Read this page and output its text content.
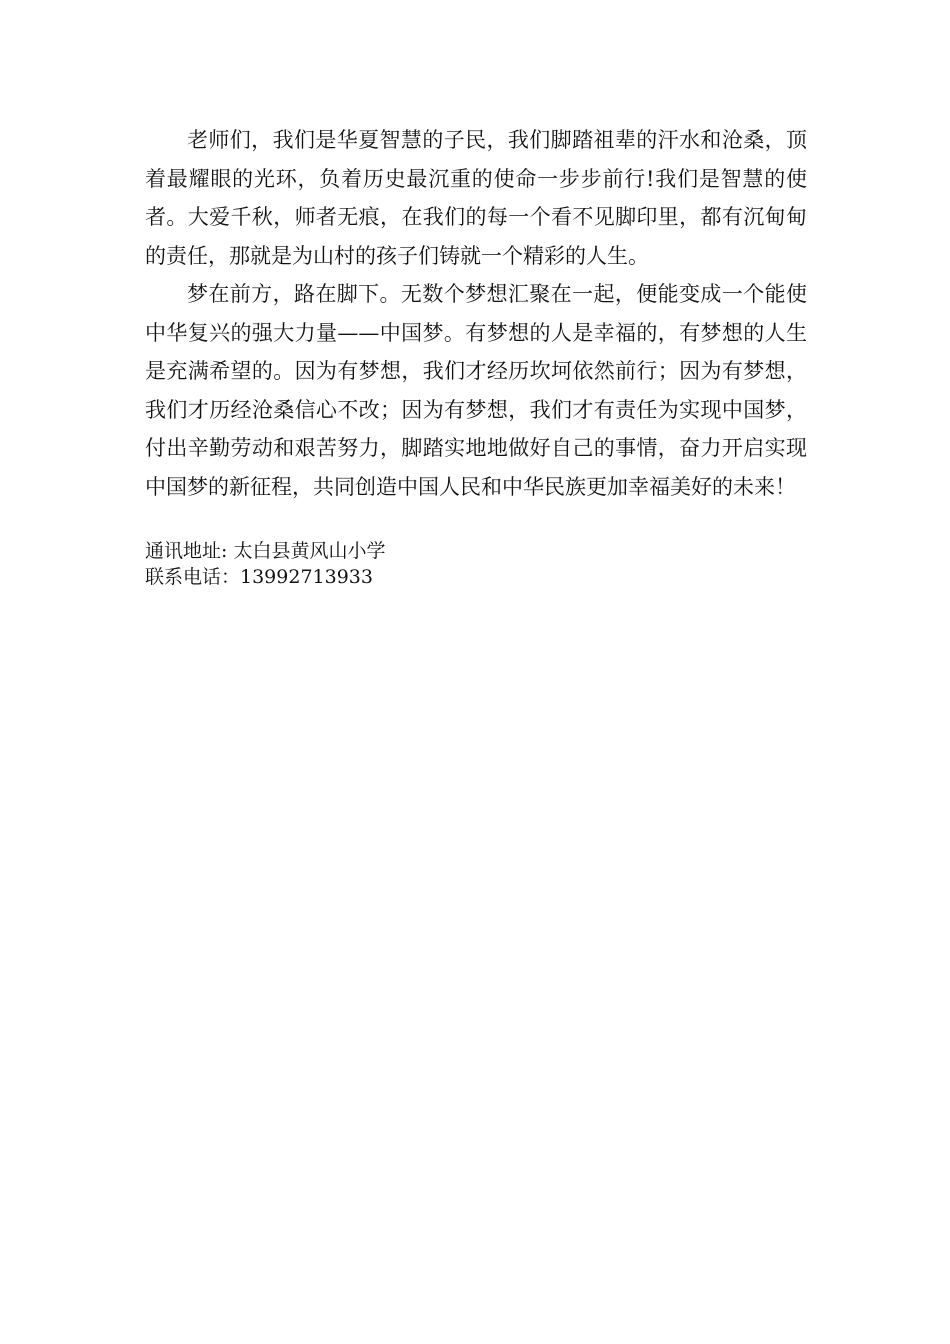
老师们，我们是华夏智慧的子民，我们脚踏祖辈的汗水和沧桑，顶着最耀眼的光环，负着历史最沉重的使命一步步前行!我们是智慧的使者。大爱千秋，师者无痕，在我们的每一个看不见脚印里，都有沉甸甸的责任，那就是为山村的孩子们铸就一个精彩的人生。

梦在前方，路在脚下。无数个梦想汇聚在一起，便能变成一个能使中华复兴的强大力量——中国梦。有梦想的人是幸福的，有梦想的人生是充满希望的。因为有梦想，我们才经历坎坷依然前行；因为有梦想，我们才历经沧桑信心不改；因为有梦想，我们才有责任为实现中国梦，付出辛勤劳动和艰苦努力，脚踏实地地做好自己的事情，奋力开启实现中国梦的新征程，共同创造中国人民和中华民族更加幸福美好的未来！

通讯地址: 太白县黄风山小学
联系电话：13992713933
